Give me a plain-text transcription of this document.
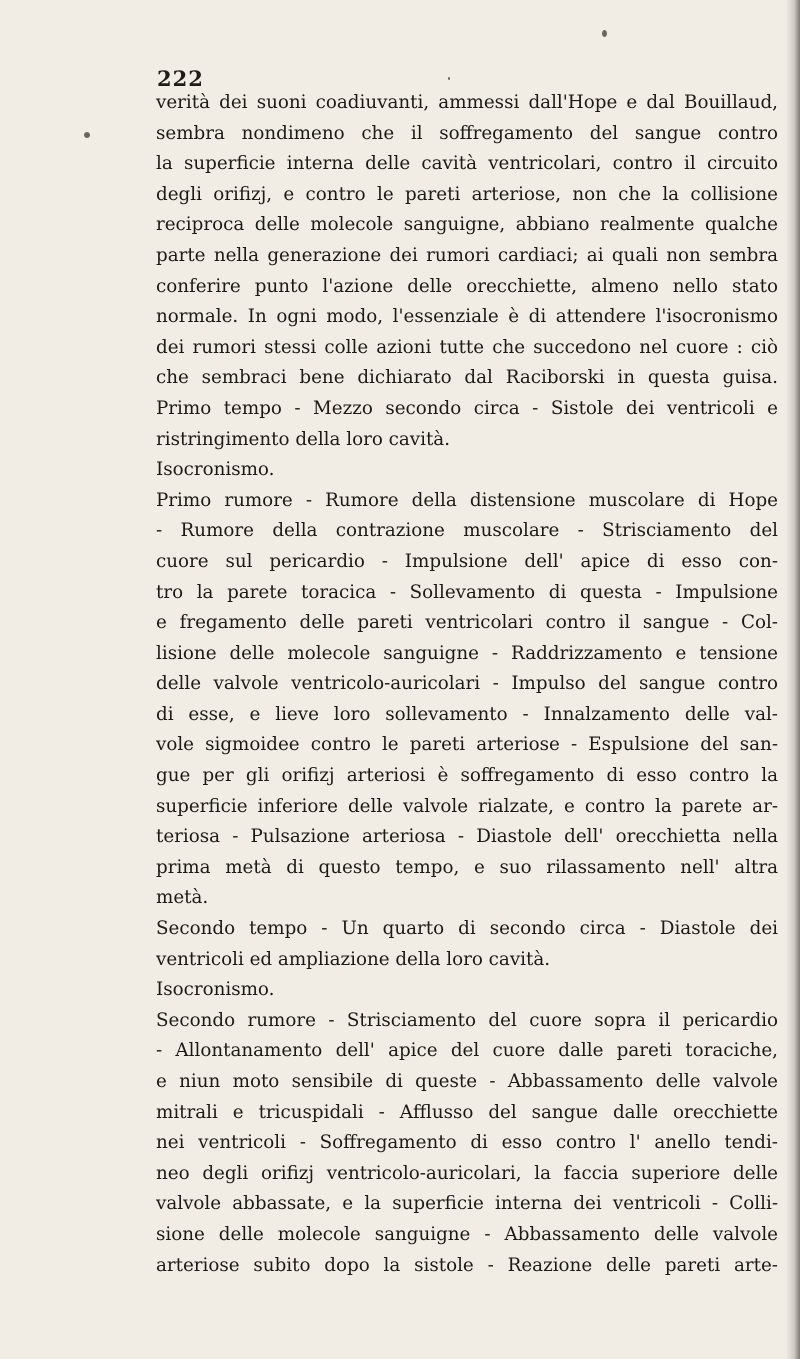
222
verità dei suoni coadiuvanti, ammessi dall'Hope e dal Bouillaud,
sembra nondimeno che il soffregamento del sangue contro
la superficie interna delle cavità ventricolari, contro il circuito
degli orifizj, e contro le pareti arteriose, non che la collisione
reciproca delle molecole sanguigne, abbiano realmente qualche
parte nella generazione dei rumori cardiaci; ai quali non sembra
conferire punto l'azione delle orecchiette, almeno nello stato
normale. In ogni modo, l'essenziale è di attendere l'isocronismo
dei rumori stessi colle azioni tutte che succedono nel cuore : ciò
che sembraci bene dichiarato dal Raciborski in questa guisa.
Primo tempo - Mezzo secondo circa - Sistole dei ventricoli e
ristringimento della loro cavità.
Isocronismo.
Primo rumore - Rumore della distensione muscolare di Hope
- Rumore della contrazione muscolare - Strisciamento del
cuore sul pericardio - Impulsione dell' apice di esso con-
tro la parete toracica - Sollevamento di questa - Impulsione
e fregamento delle pareti ventricolari contro il sangue - Col-
lisione delle molecole sanguigne - Raddrizzamento e tensione
delle valvole ventricolo-auricolari - Impulso del sangue contro
di esse, e lieve loro sollevamento - Innalzamento delle val-
vole sigmoidee contro le pareti arteriose - Espulsione del san-
gue per gli orifizj arteriosi è soffregamento di esso contro la
superficie inferiore delle valvole rialzate, e contro la parete ar-
teriosa - Pulsazione arteriosa - Diastole dell' orecchietta nella
prima metà di questo tempo, e suo rilassamento nell' altra
metà.
Secondo tempo - Un quarto di secondo circa - Diastole dei
ventricoli ed ampliazione della loro cavità.
Isocronismo.
Secondo rumore - Strisciamento del cuore sopra il pericardio
- Allontanamento dell' apice del cuore dalle pareti toraciche,
e niun moto sensibile di queste - Abbassamento delle valvole
mitrali e tricuspidali - Afflusso del sangue dalle orecchiette
nei ventricoli - Soffregamento di esso contro l' anello tendi-
neo degli orifizj ventricolo-auricolari, la faccia superiore delle
valvole abbassate, e la superficie interna dei ventricoli - Colli-
sione delle molecole sanguigne - Abbassamento delle valvole
arteriose subito dopo la sistole - Reazione delle pareti arte-
